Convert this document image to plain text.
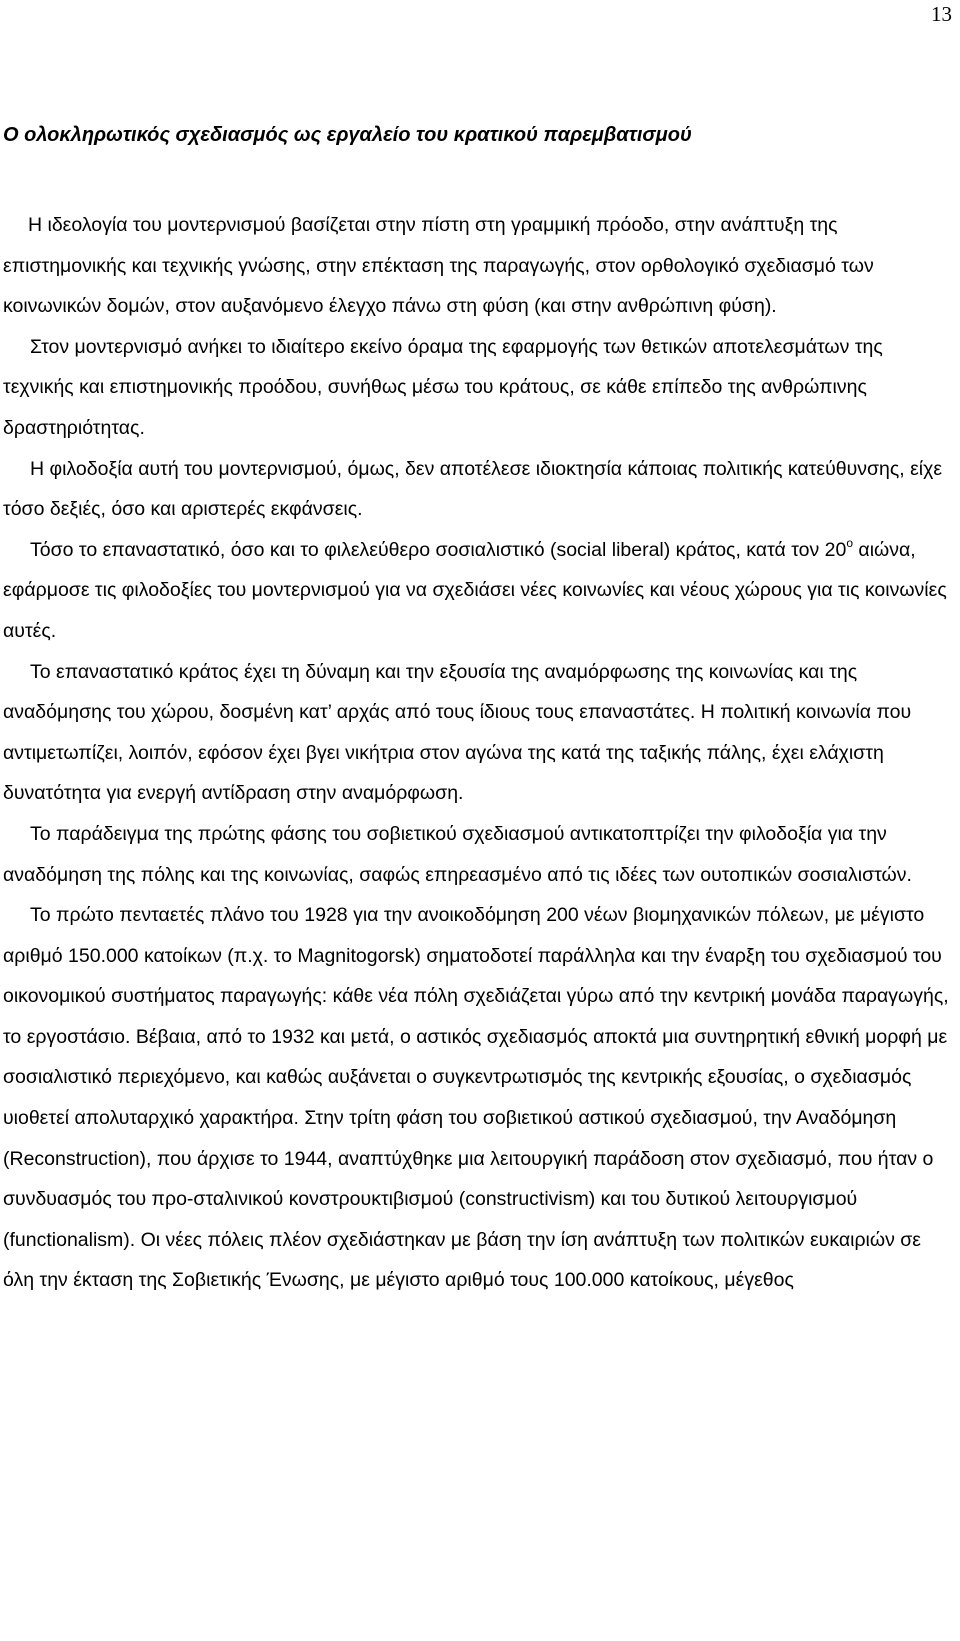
13
Ο ολοκληρωτικός σχεδιασμός ως εργαλείο του κρατικού παρεμβατισμού

Η ιδεολογία του μοντερνισμού βασίζεται στην πίστη στη γραμμική πρόοδο, στην ανάπτυξη της επιστημονικής και τεχνικής γνώσης, στην επέκταση της παραγωγής, στον ορθολογικό σχεδιασμό των κοινωνικών δομών, στον αυξανόμενο έλεγχο πάνω στη φύση (και στην ανθρώπινη φύση).

Στον μοντερνισμό ανήκει το ιδιαίτερο εκείνο όραμα της εφαρμογής των θετικών αποτελεσμάτων της τεχνικής και επιστημονικής προόδου, συνήθως μέσω του κράτους, σε κάθε επίπεδο της ανθρώπινης δραστηριότητας.

Η φιλοδοξία αυτή του μοντερνισμού, όμως, δεν αποτέλεσε ιδιοκτησία κάποιας πολιτικής κατεύθυνσης, είχε τόσο δεξιές, όσο και αριστερές εκφάνσεις.

Τόσο το επαναστατικό, όσο και το φιλελεύθερο σοσιαλιστικό (social liberal) κράτος, κατά τον $20^o$ αιώνα, εφάρμοσε τις φιλοδοξίες του μοντερνισμού για να σχεδιάσει νέες κοινωνίες και νέους χώρους για τις κοινωνίες αυτές.

Το επαναστατικό κράτος έχει τη δύναμη και την εξουσία της αναμόρφωσης της κοινωνίας και της αναδόμησης του χώρου, δοσμένη κατ’ αρχάς από τους ίδιους τους επαναστάτες. Η πολιτική κοινωνία που αντιμετωπίζει, λοιπόν, εφόσον έχει βγει νικήτρια στον αγώνα της κατά της ταξικής πάλης, έχει ελάχιστη δυνατότητα για ενεργή αντίδραση στην αναμόρφωση.

Το παράδειγμα της πρώτης φάσης του σοβιετικού σχεδιασμού αντικατοπτρίζει την φιλοδοξία για την αναδόμηση της πόλης και της κοινωνίας, σαφώς επηρεασμένο από τις ιδέες των ουτοπικών σοσιαλιστών.

Το πρώτο πενταετές πλάνο του 1928 για την ανοικοδόμηση 200 νέων βιομηχανικών πόλεων, με μέγιστο αριθμό 150.000 κατοίκων (π.χ. το Magnitogorsk) σηματοδοτεί παράλληλα και την έναρξη του σχεδιασμού του οικονομικού συστήματος παραγωγής: κάθε νέα πόλη σχεδιάζεται γύρω από την κεντρική μονάδα παραγωγής, το εργοστάσιο. Βέβαια, από το 1932 και μετά, ο αστικός σχεδιασμός αποκτά μια συντηρητική εθνική μορφή με σοσιαλιστικό περιεχόμενο, και καθώς αυξάνεται ο συγκεντρωτισμός της κεντρικής εξουσίας, ο σχεδιασμός υιοθετεί απολυταρχικό χαρακτήρα. Στην τρίτη φάση του σοβιετικού αστικού σχεδιασμού, την Αναδόμηση (Reconstruction), που άρχισε το 1944, αναπτύχθηκε μια λειτουργική παράδοση στον σχεδιασμό, που ήταν ο συνδυασμός του προ-σταλινικού κονστρουκτιβισμού (constructivism) και του δυτικού λειτουργισμού (functionalism). Οι νέες πόλεις πλέον σχεδιάστηκαν με βάση την ίση ανάπτυξη των πολιτικών ευκαιριών σε όλη την έκταση της Σοβιετικής Ένωσης, με μέγιστο αριθμό τους 100.000 κατοίκους, μέγεθος
